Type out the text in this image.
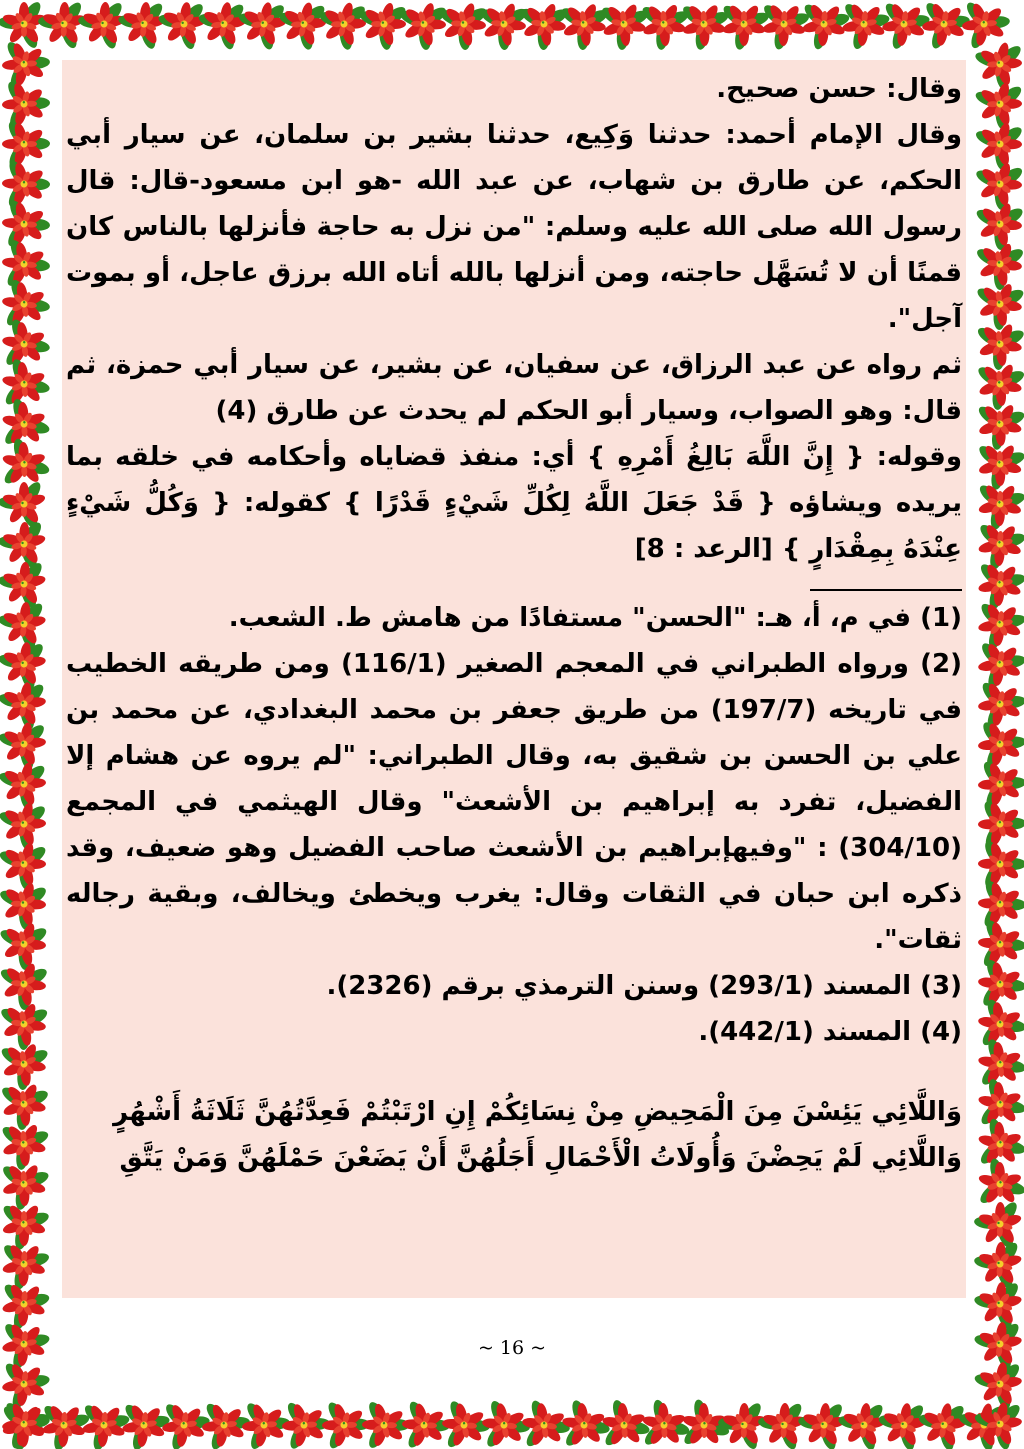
وقال: حسن صحيح.

وقال الإمام أحمد: حدثنا وَكِيع، حدثنا بشير بن سلمان، عن سيار أبي الحكم، عن طارق بن شهاب، عن عبد الله -هو ابن مسعود-قال: قال رسول الله صلى الله عليه وسلم: "من نزل به حاجة فأنزلها بالناس كان قمنًا أن لا تُسَهَّل حاجته، ومن أنزلها بالله أتاه الله برزق عاجل، أو بموت آجل".

ثم رواه عن عبد الرزاق، عن سفيان، عن بشير، عن سيار أبي حمزة، ثم قال: وهو الصواب، وسيار أبو الحكم لم يحدث عن طارق (4)

وقوله: { إِنَّ اللَّهَ بَالِغُ أَمْرِهِ } أي: منفذ قضاياه وأحكامه في خلقه بما يريده ويشاؤه { قَدْ جَعَلَ اللَّهُ لِكُلِّ شَيْءٍ قَدْرًا } كقوله: { وَكُلُّ شَيْءٍ عِنْدَهُ بِمِقْدَارٍ } [الرعد : 8]

(1) في م، أ، هـ: "الحسن" مستفادًا من هامش ط. الشعب.

(2) ورواه الطبراني في المعجم الصغير (116/1) ومن طريقه الخطيب في تاريخه (197/7) من طريق جعفر بن محمد البغدادي، عن محمد بن علي بن الحسن بن شقيق به، وقال الطبراني: "لم يروه عن هشام إلا الفضيل، تفرد به إبراهيم بن الأشعث" وقال الهيثمي في المجمع (304/10) : "وفيهإبراهيم بن الأشعث صاحب الفضيل وهو ضعيف، وقد ذكره ابن حبان في الثقات وقال: يغرب ويخطئ ويخالف، وبقية رجاله ثقات".

(3) المسند (293/1) وسنن الترمذي برقم (2326).

(4) المسند (442/1).

وَاللَّائِي يَئِسْنَ مِنَ الْمَحِيضِ مِنْ نِسَائِكُمْ إِنِ ارْتَبْتُمْ فَعِدَّتُهُنَّ ثَلَاثَةُ أَشْهُرٍ

وَاللَّائِي لَمْ يَحِضْنَ وَأُولَاتُ الْأَحْمَالِ أَجَلُهُنَّ أَنْ يَضَعْنَ حَمْلَهُنَّ وَمَنْ يَتَّقِ

~ 16 ~
